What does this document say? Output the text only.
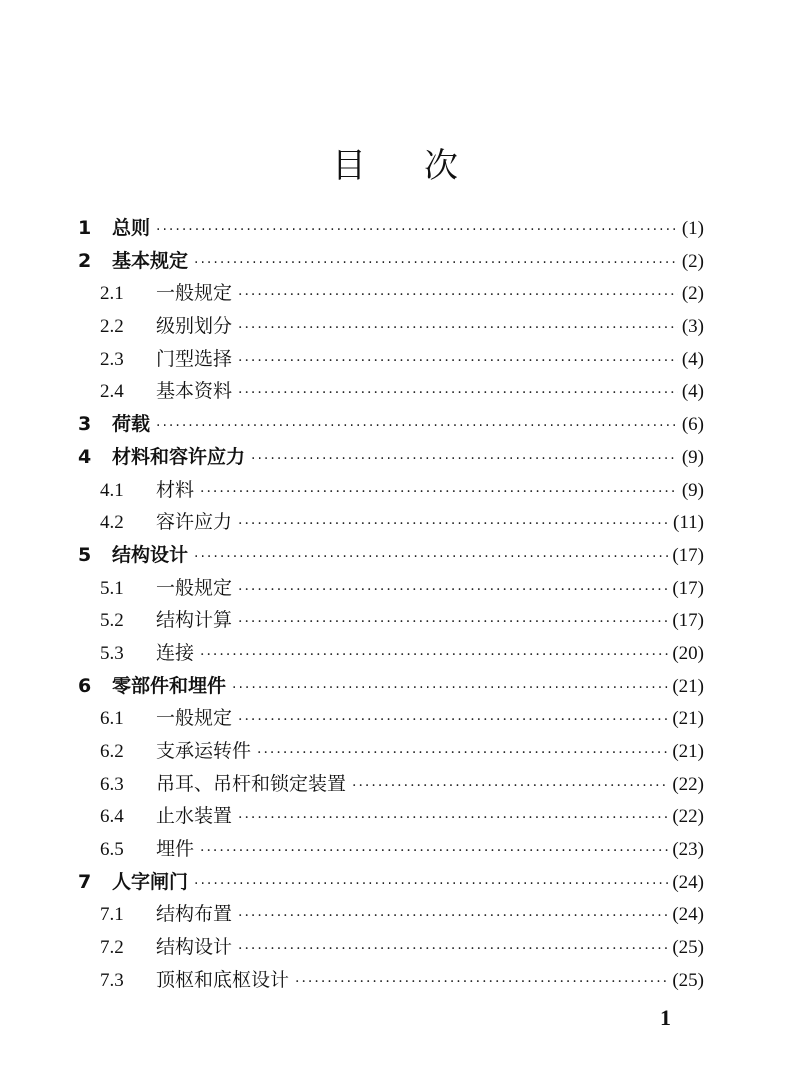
目次
1	总则 ·····	(1)
2	基本规定 ·····	(2)
2.1	一般规定 ·····	(2)
2.2	级别划分 ·····	(3)
2.3	门型选择 ·····	(4)
2.4	基本资料 ·····	(4)
3	荷载 ·····	(6)
4	材料和容许应力 ·····	(9)
4.1	材料 ·····	(9)
4.2	容许应力 ·····	(11)
5	结构设计 ·····	(17)
5.1	一般规定 ·····	(17)
5.2	结构计算 ·····	(17)
5.3	连接 ·····	(20)
6	零部件和埋件 ·····	(21)
6.1	一般规定 ·····	(21)
6.2	支承运转件 ·····	(21)
6.3	吊耳、吊杆和锁定装置 ·····	(22)
6.4	止水装置 ·····	(22)
6.5	埋件 ·····	(23)
7	人字闸门 ·····	(24)
7.1	结构布置 ·····	(24)
7.2	结构设计 ·····	(25)
7.3	顶枢和底枢设计 ·····	(25)
1
